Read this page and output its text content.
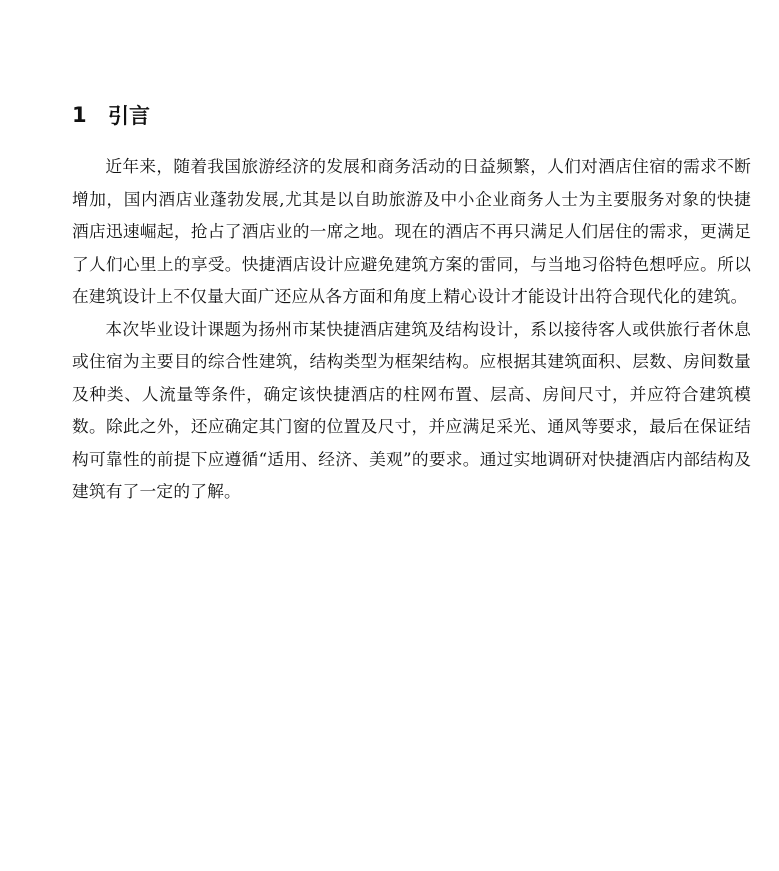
1	引言

近年来，随着我国旅游经济的发展和商务活动的日益频繁，人们对酒店住宿的需求不断增加，国内酒店业蓬勃发展,尤其是以自助旅游及中小企业商务人士为主要服务对象的快捷酒店迅速崛起，抢占了酒店业的一席之地。现在的酒店不再只满足人们居住的需求，更满足了人们心里上的享受。快捷酒店设计应避免建筑方案的雷同，与当地习俗特色想呼应。所以在建筑设计上不仅量大面广还应从各方面和角度上精心设计才能设计出符合现代化的建筑。

本次毕业设计课题为扬州市某快捷酒店建筑及结构设计，系以接待客人或供旅行者休息或住宿为主要目的综合性建筑，结构类型为框架结构。应根据其建筑面积、层数、房间数量及种类、人流量等条件，确定该快捷酒店的柱网布置、层高、房间尺寸，并应符合建筑模数。除此之外，还应确定其门窗的位置及尺寸，并应满足采光、通风等要求，最后在保证结构可靠性的前提下应遵循“适用、经济、美观”的要求。通过实地调研对快捷酒店内部结构及建筑有了一定的了解。
